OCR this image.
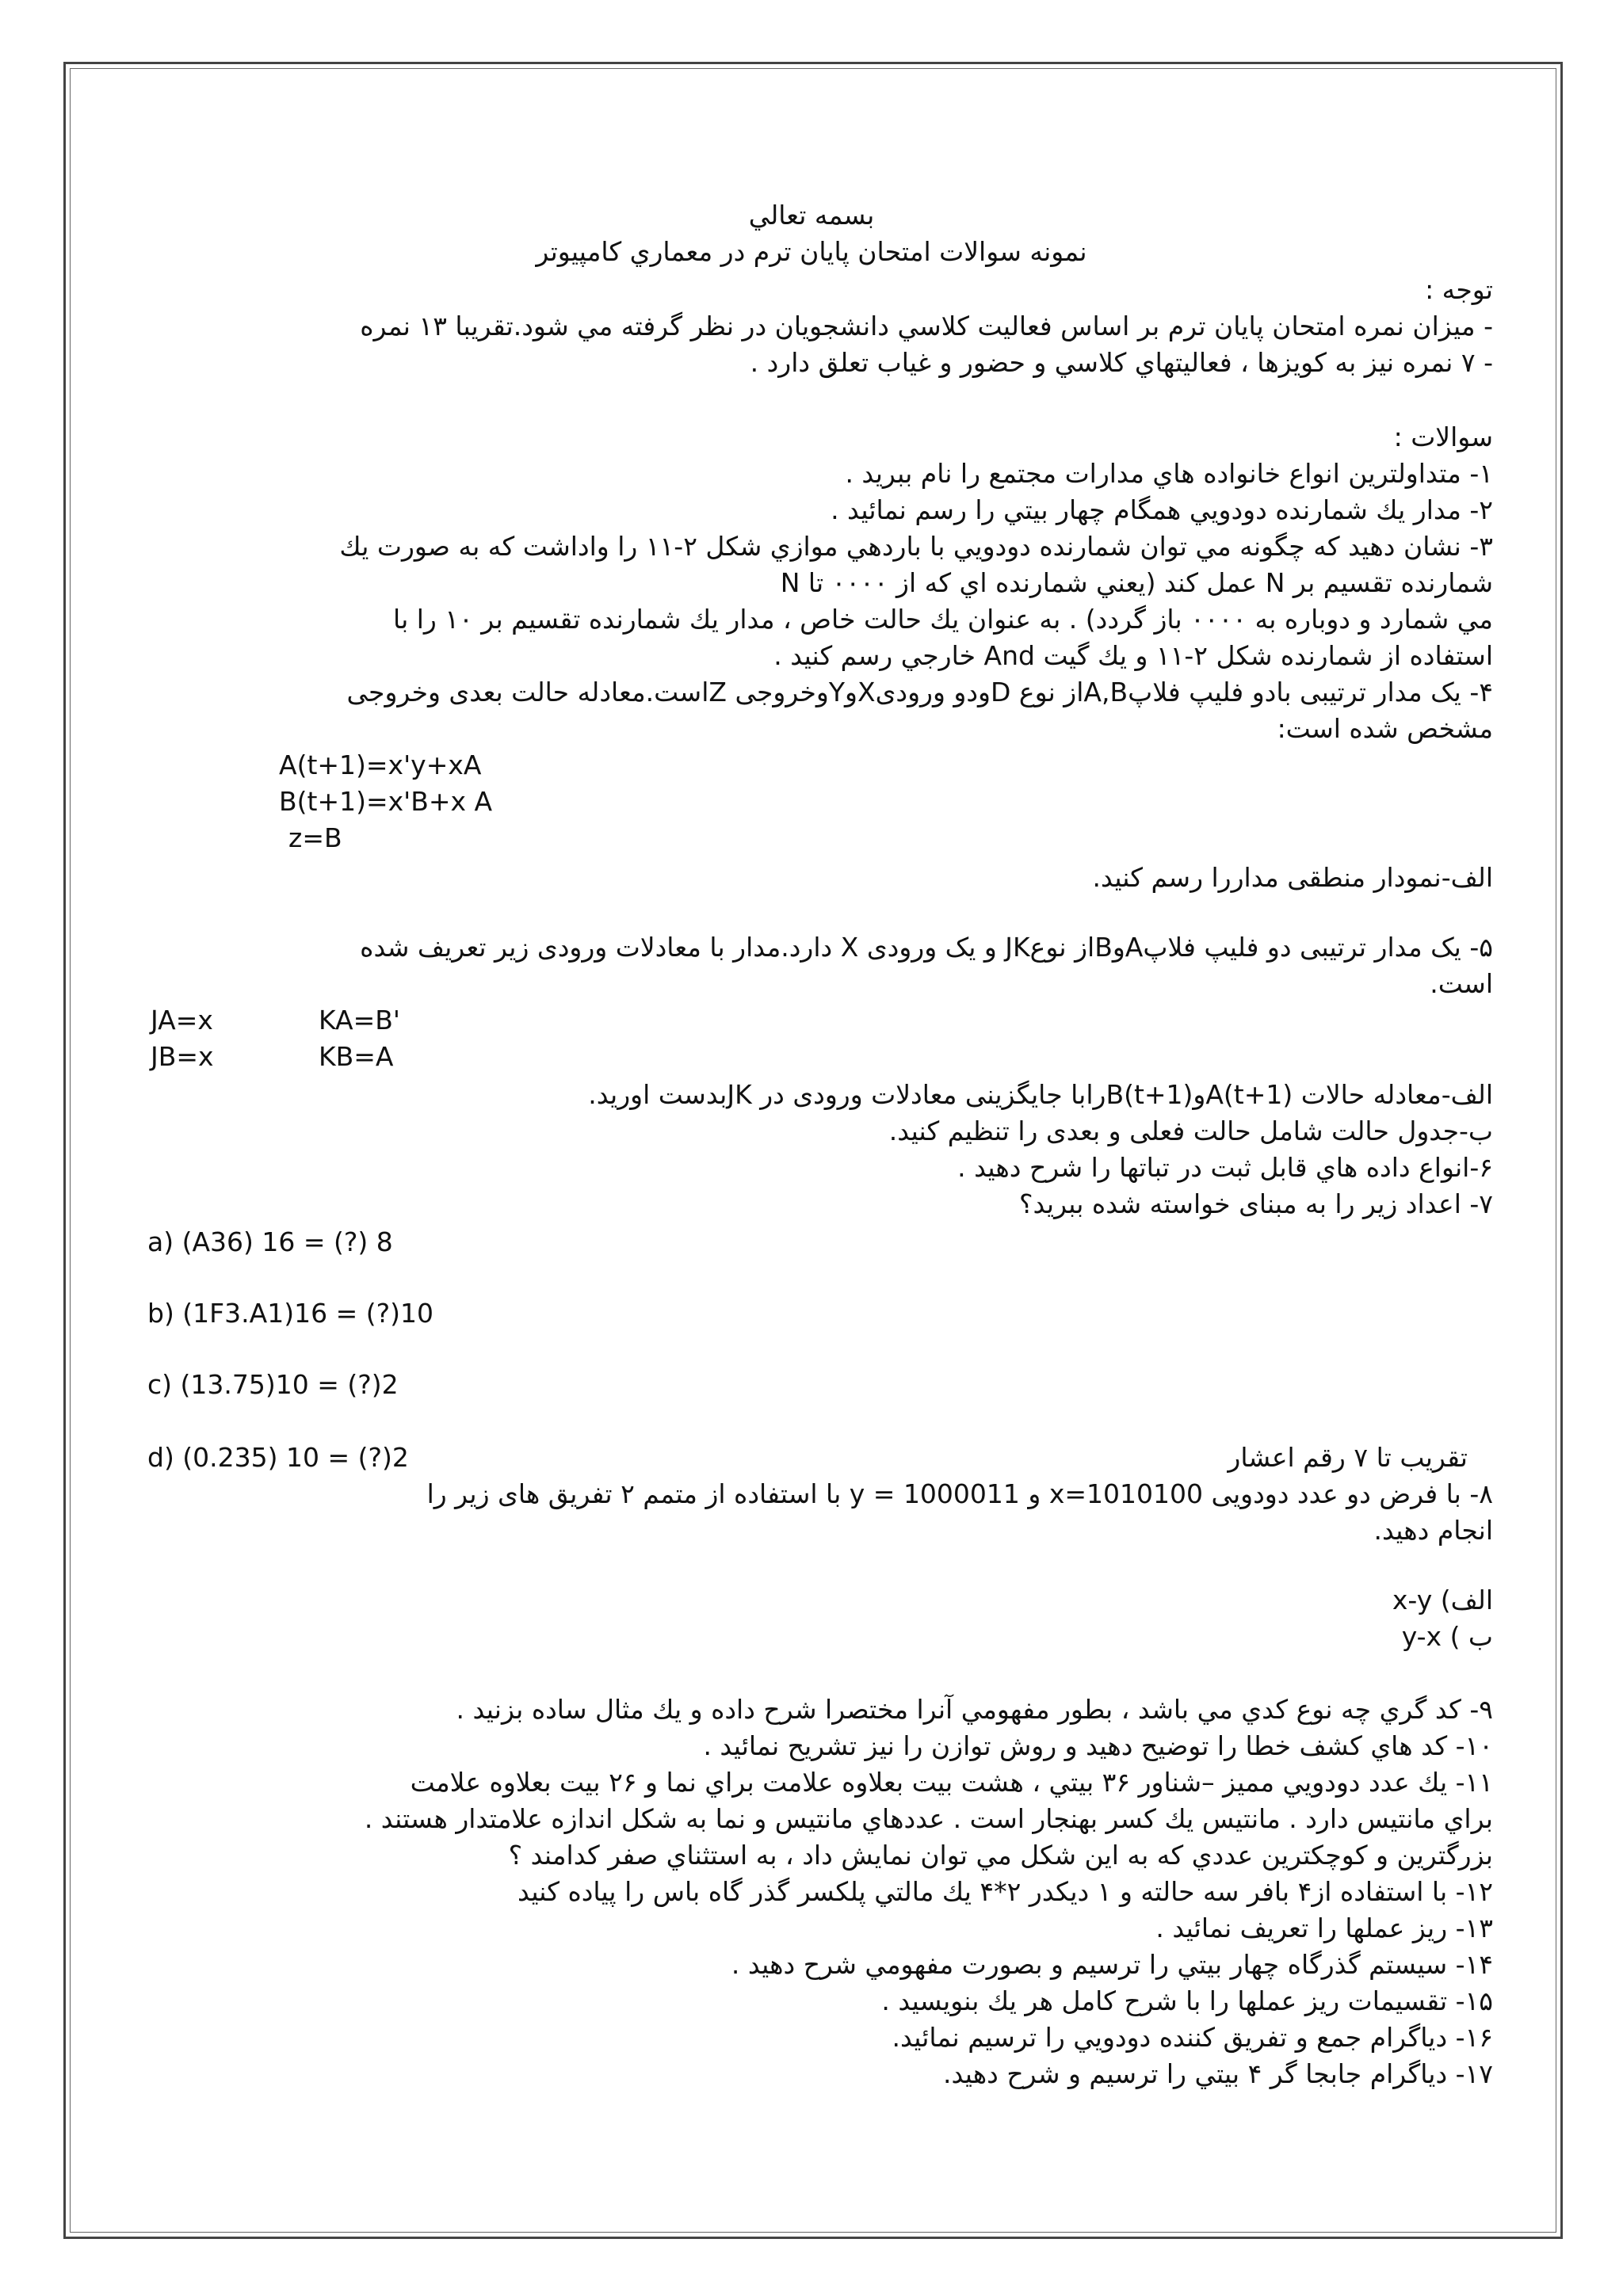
بسمه تعالي
نمونه سوالات امتحان پايان ترم در معماري كامپيوتر
توجه :
- ميزان نمره امتحان پايان ترم بر اساس فعاليت كلاسي دانشجويان در نظر گرفته مي شود.تقريبا ۱۳ نمره
- ۷ نمره نيز به كويزها ، فعاليتهاي كلاسي و حضور و غياب تعلق دارد .
سوالات :
۱- متداولترين انواع خانواده هاي مدارات مجتمع را نام ببريد .
۲- مدار يك شمارنده دودويي همگام چهار بيتي را رسم نمائيد .
۳- نشان دهيد كه چگونه مي توان شمارنده دودويي با باردهي موازي شكل ۲-۱۱ را واداشت كه به صورت يك
شمارنده تقسيم بر N عمل كند (يعني شمارنده اي كه از ۰۰۰۰ تا N
مي شمارد و دوباره به ۰۰۰۰ باز گردد) . به عنوان يك حالت خاص ، مدار يك شمارنده تقسيم بر ۱۰ را با
استفاده از شمارنده شكل ۲-۱۱ و يك گيت And خارجي رسم كنيد .
۴- یک مدار ترتیبی بادو فلیپ فلاپA,Bاز نوع Dودو ورودیXوYوخروجی Zاست.معادله حالت بعدی وخروجی
مشخص شده است:
A(t+1)=x'y+xA
B(t+1)=x'B+x A
z=B
الف-نمودار منطقی مداررا رسم کنید.
۵- یک مدار ترتیبی دو فلیپ فلاپAوBاز نوعJK و یک ورودی X دارد.مدار با معادلات ورودی زیر تعریف شده
است.
JA=x	KA=B'
JB=x	KB=A
الف-معادله حالات A(t+1)وB(t+1)رابا جایگزینی معادلات ورودی در JKبدست اورید.
ب-جدول حالت شامل حالت فعلی و بعدی را تنظیم کنید.
۶-انواع داده هاي قابل ثبت در تباتها را شرح دهيد .
۷- اعداد زیر را به مبنای خواسته شده ببرید؟
a) (A36) 16 = (?) 8
b) (1F3.A1)16 = (?)10
c) (13.75)10 = (?)2
d) (0.235) 10 = (?)2	تقریب تا ۷ رقم اعشار
۸- با فرض دو عدد دودویی x=1010100 و y = 1000011 با استفاده از متمم ۲ تفریق های زیر را
انجام دهید.
الف) x-y
ب ) y-x
۹- كد گري چه نوع كدي مي باشد ، بطور مفهومي آنرا مختصرا شرح داده و يك مثال ساده بزنيد .
۱۰- كد هاي كشف خطا را توضيح دهيد و روش توازن را نيز تشريح نمائيد .
۱۱- يك عدد دودويي مميز –شناور ۳۶ بيتي ، هشت بيت بعلاوه علامت براي نما و ۲۶ بيت بعلاوه علامت
براي مانتيس دارد . مانتيس يك كسر بهنجار است . عددهاي مانتيس و نما به شكل اندازه علامتدار هستند .
بزرگترين و كوچكترين عددي كه به اين شكل مي توان نمايش داد ، به استثناي صفر كدامند ؟
۱۲- با استفاده از۴ بافر سه حالته و ۱ ديكدر ۲*۴ يك مالتي پلكسر گذر گاه باس را پياده كنيد
۱۳- ريز عملها را تعريف نمائيد .
۱۴- سيستم گذرگاه چهار بيتي را ترسيم و بصورت مفهومي شرح دهيد .
۱۵- تقسيمات ريز عملها را با شرح كامل هر يك بنويسيد .
۱۶- دياگرام جمع و تفريق كننده دودويي را ترسيم نمائيد.
۱۷- دياگرام جابجا گر ۴ بيتي را ترسيم و شرح دهيد.
